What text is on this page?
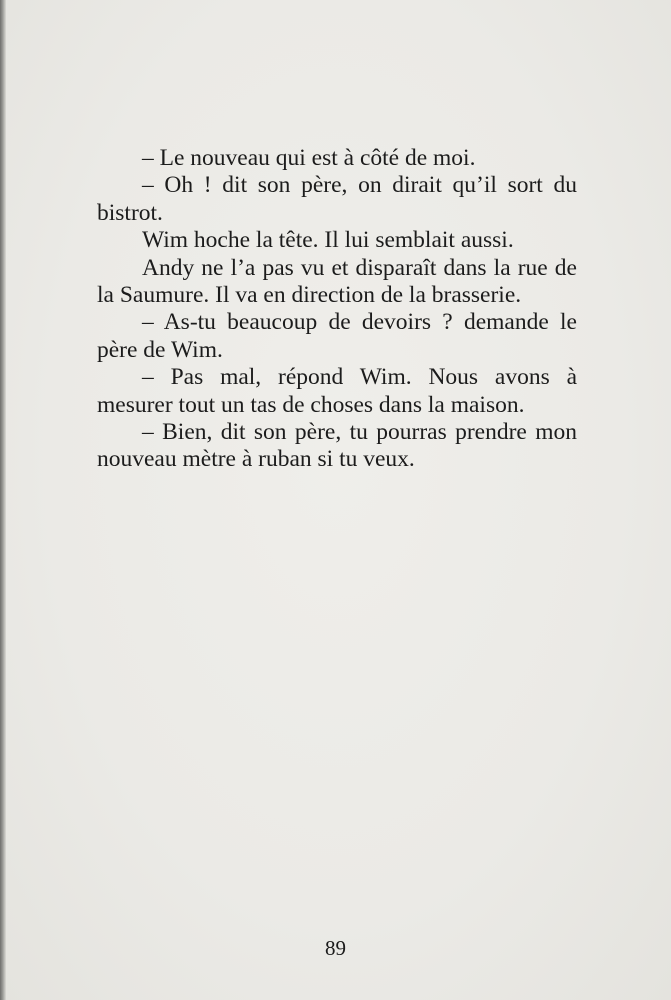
– Le nouveau qui est à côté de moi.

– Oh ! dit son père, on dirait qu’il sort du bistrot.

Wim hoche la tête. Il lui semblait aussi.

Andy ne l’a pas vu et disparaît dans la rue de la Saumure. Il va en direction de la brasserie.

– As-tu beaucoup de devoirs ? demande le père de Wim.

– Pas mal, répond Wim. Nous avons à mesurer tout un tas de choses dans la maison.

– Bien, dit son père, tu pourras prendre mon nouveau mètre à ruban si tu veux.

89
